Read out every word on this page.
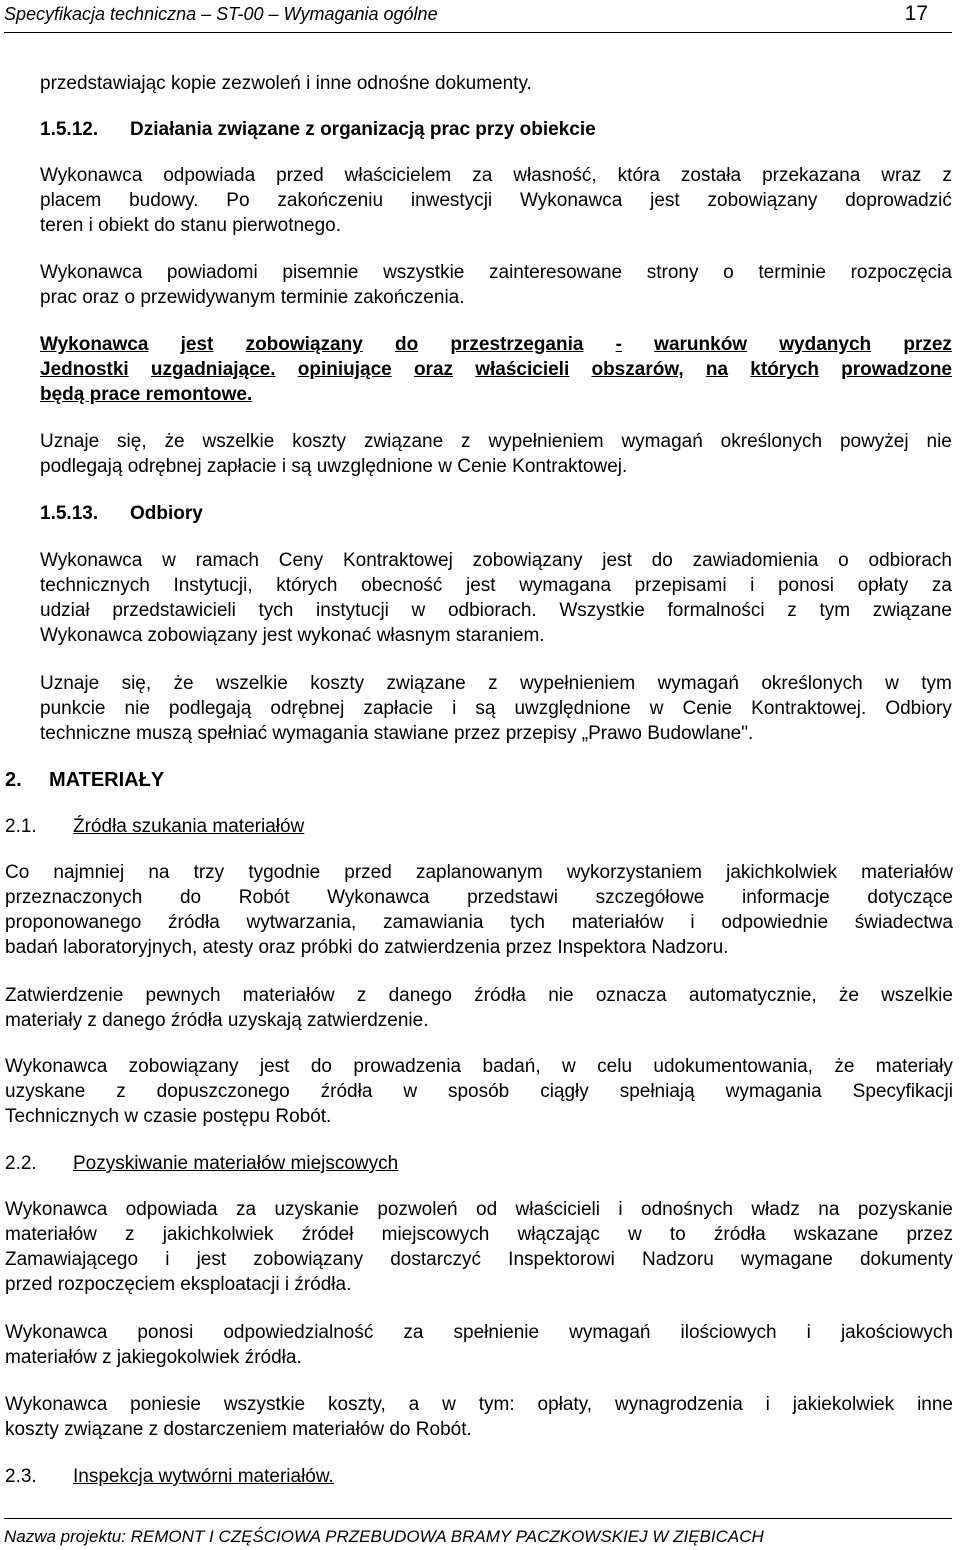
Specyfikacja techniczna – ST-00 – Wymagania ogólne	17
przedstawiając kopie zezwoleń i inne odnośne dokumenty.
1.5.12. Działania związane z organizacją prac przy obiekcie
Wykonawca odpowiada przed właścicielem za własność, która została przekazana wraz z
placem budowy. Po zakończeniu inwestycji Wykonawca jest zobowiązany doprowadzić
teren i obiekt do stanu pierwotnego.
Wykonawca powiadomi pisemnie wszystkie zainteresowane strony o terminie rozpoczęcia
prac oraz o przewidywanym terminie zakończenia.
Wykonawca jest zobowiązany do przestrzegania - warunków wydanych przez
Jednostki uzgadniające. opiniujące oraz właścicieli obszarów, na których prowadzone
będą prace remontowe.
Uznaje się, że wszelkie koszty związane z wypełnieniem wymagań określonych powyżej nie
podlegają odrębnej zapłacie i są uwzględnione w Cenie Kontraktowej.
1.5.13. Odbiory
Wykonawca w ramach Ceny Kontraktowej zobowiązany jest do zawiadomienia o odbiorach
technicznych Instytucji, których obecność jest wymagana przepisami i ponosi opłaty za
udział przedstawicieli tych instytucji w odbiorach. Wszystkie formalności z tym związane
Wykonawca zobowiązany jest wykonać własnym staraniem.
Uznaje się, że wszelkie koszty związane z wypełnieniem wymagań określonych w tym
punkcie nie podlegają odrębnej zapłacie i są uwzględnione w Cenie Kontraktowej. Odbiory
techniczne muszą spełniać wymagania stawiane przez przepisy „Prawo Budowlane".
2. MATERIAŁY
2.1. Źródła szukania materiałów
Co najmniej na trzy tygodnie przed zaplanowanym wykorzystaniem jakichkolwiek materiałów
przeznaczonych do Robót Wykonawca przedstawi szczegółowe informacje dotyczące
proponowanego źródła wytwarzania, zamawiania tych materiałów i odpowiednie świadectwa
badań laboratoryjnych, atesty oraz próbki do zatwierdzenia przez Inspektora Nadzoru.
Zatwierdzenie pewnych materiałów z danego źródła nie oznacza automatycznie, że wszelkie
materiały z danego źródła uzyskają zatwierdzenie.
Wykonawca zobowiązany jest do prowadzenia badań, w celu udokumentowania, że materiały
uzyskane z dopuszczonego źródła w sposób ciągły spełniają wymagania Specyfikacji
Technicznych w czasie postępu Robót.
2.2. Pozyskiwanie materiałów miejscowych
Wykonawca odpowiada za uzyskanie pozwoleń od właścicieli i odnośnych władz na pozyskanie
materiałów z jakichkolwiek źródeł miejscowych włączając w to źródła wskazane przez
Zamawiającego i jest zobowiązany dostarczyć Inspektorowi Nadzoru wymagane dokumenty
przed rozpoczęciem eksploatacji i źródła.
Wykonawca ponosi odpowiedzialność za spełnienie wymagań ilościowych i jakościowych
materiałów z jakiegokolwiek źródła.
Wykonawca poniesie wszystkie koszty, a w tym: opłaty, wynagrodzenia i jakiekolwiek inne
koszty związane z dostarczeniem materiałów do Robót.
2.3. Inspekcja wytwórni materiałów.
Nazwa projektu: REMONT I CZĘŚCIOWA PRZEBUDOWA BRAMY PACZKOWSKIEJ W ZIĘBICACH
